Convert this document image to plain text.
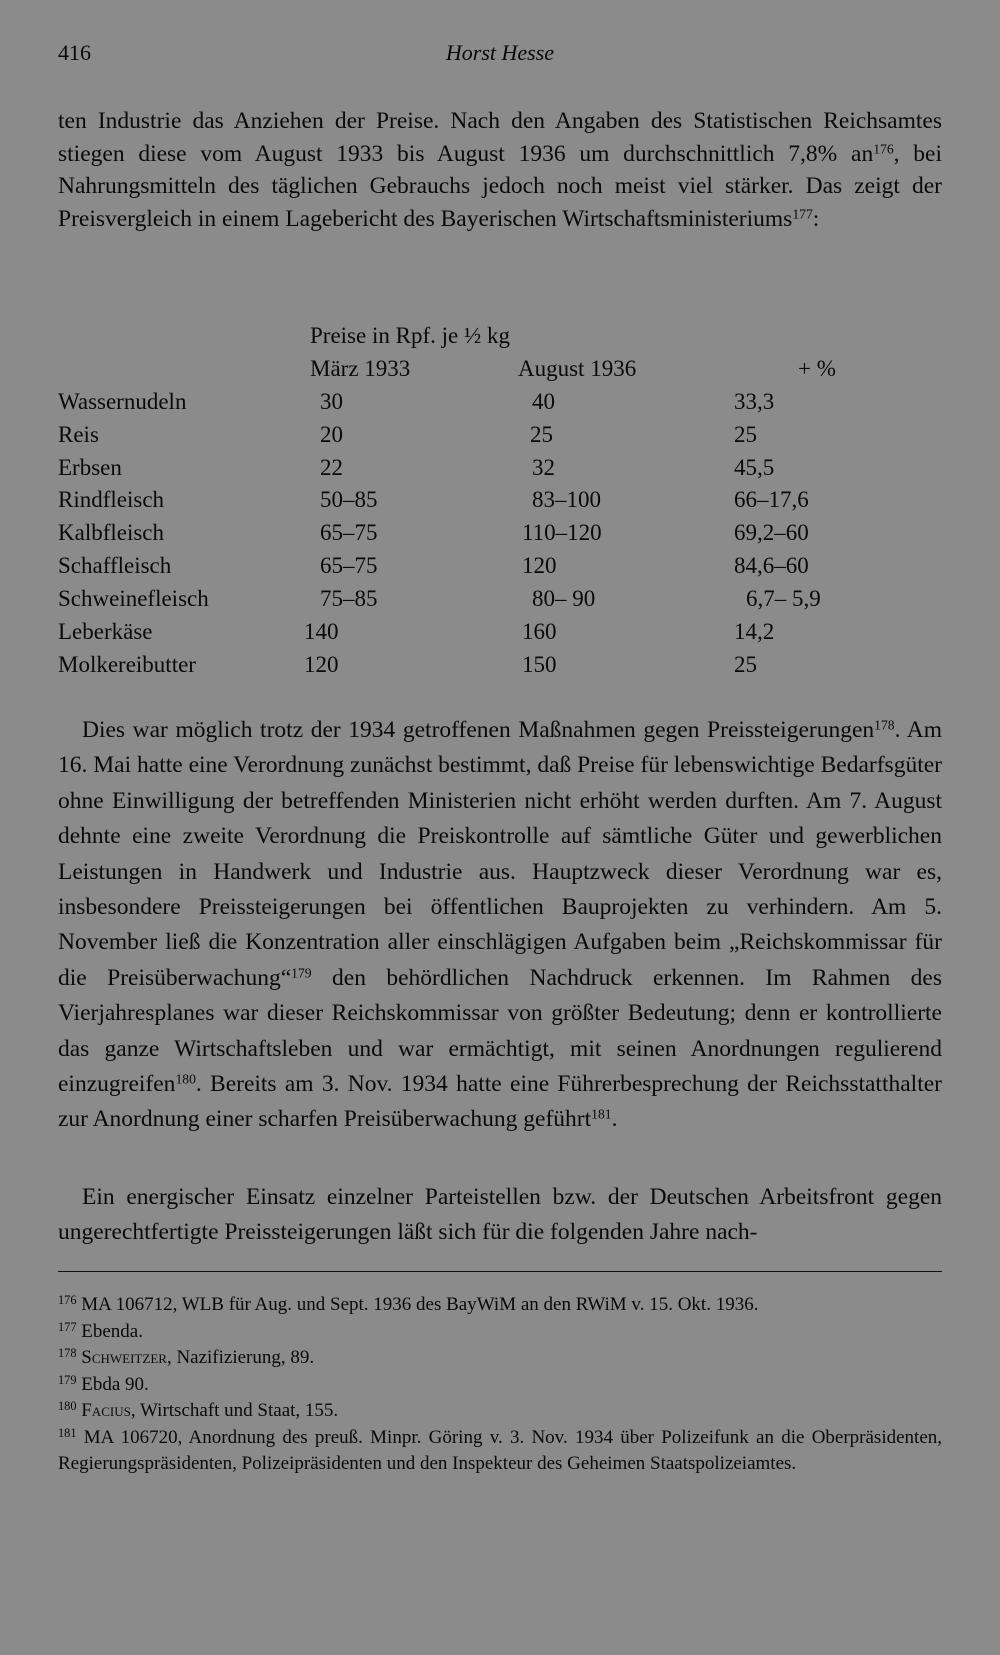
416	Horst Hesse

ten Industrie das Anziehen der Preise. Nach den Angaben des Statistischen Reichsamtes stiegen diese vom August 1933 bis August 1936 um durchschnittlich 7,8% $an^{176}$, bei Nahrungsmitteln des täglichen Gebrauchs jedoch noch meist viel stärker. Das zeigt der Preisvergleich in einem Lagebericht des Bayerischen Wirtschaftsministeriums$^{177}$:

Preise in Rpf. je ½ kg
März 1933	August 1936	+ %
Wassernudeln	30	40	33,3
Reis	20	25	25
Erbsen	22	32	45,5
Rindfleisch	50–85	83–100	66–17,6
Kalbfleisch	65–75	110–120	69,2–60
Schaffleisch	65–75	120	84,6–60
Schweinefleisch	75–85	80– 90	6,7– 5,9
Leberkäse	140	160	14,2
Molkereibutter	120	150	25

Dies war möglich trotz der 1934 getroffenen Maßnahmen gegen Preissteigerungen$^{178}$. Am 16. Mai hatte eine Verordnung zunächst bestimmt, daß Preise für lebenswichtige Bedarfsgüter ohne Einwilligung der betreffenden Ministerien nicht erhöht werden durften. Am 7. August dehnte eine zweite Verordnung die Preiskontrolle auf sämtliche Güter und gewerblichen Leistungen in Handwerk und Industrie aus. Hauptzweck dieser Verordnung war es, insbesondere Preissteigerungen bei öffentlichen Bauprojekten zu verhindern. Am 5. November ließ die Konzentration aller einschlägigen Aufgaben beim „Reichskommissar für die Preisüberwachung“$^{179}$ den behördlichen Nachdruck erkennen. Im Rahmen des Vierjahresplanes war dieser Reichskommissar von größter Bedeutung; denn er kontrollierte das ganze Wirtschaftsleben und war ermächtigt, mit seinen Anordnungen regulierend einzugreifen$^{180}$. Bereits am 3. Nov. 1934 hatte eine Führerbesprechung der Reichsstatthalter zur Anordnung einer scharfen Preisüberwachung geführt$^{181}$.

Ein energischer Einsatz einzelner Parteistellen bzw. der Deutschen Arbeitsfront gegen ungerechtfertigte Preissteigerungen läßt sich für die folgenden Jahre nach-

$^{176}$ MA 106712, WLB für Aug. und Sept. 1936 des BayWiM an den RWiM v. 15. Okt. 1936.

$^{177}$ Ebenda.

$^{178}$ Schweitzer, Nazifizierung, 89.

$^{179}$ Ebda 90.

$^{180}$ Facius, Wirtschaft und Staat, 155.

$^{181}$ MA 106720, Anordnung des preuß. Minpr. Göring v. 3. Nov. 1934 über Polizeifunk an die Oberpräsidenten, Regierungspräsidenten, Polizeipräsidenten und den Inspekteur des Geheimen Staatspolizeiamtes.
